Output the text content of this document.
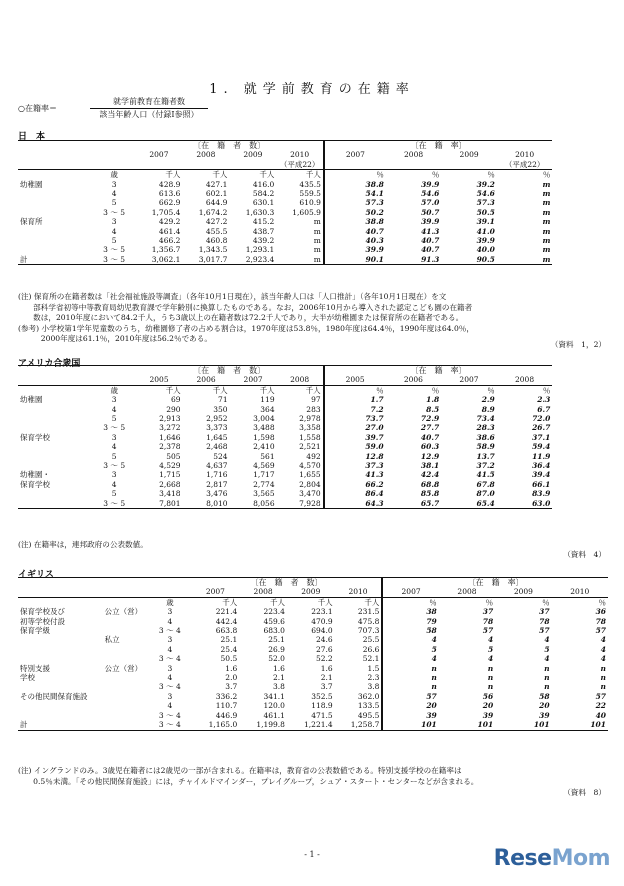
1. 就学前教育の在籍率
○在籍率＝
就学前教育在籍者数
該当年齢人口（付録Ⅰ参照）
日　本
		〔在　籍　者　数〕				〔在　籍　率〕			
		2007	2008	2009	2010	2007	2008	2009	2010
					（平成22）				（平成22）
	歳	千人	千人	千人	千人	％	％	％	％
幼稚園	3	428.9	427.1	416.0	435.5	38.8	39.9	39.2	m
	4	613.6	602.1	584.2	559.5	54.1	54.6	54.6	m
	5	662.9	644.9	630.1	610.9	57.3	57.0	57.3	m
	3 ～ 5	1,705.4	1,674.2	1,630.3	1,605.9	50.2	50.7	50.5	m
保育所	3	429.2	427.2	415.2	m	38.8	39.9	39.1	m
	4	461.4	455.5	438.7	m	40.7	41.3	41.0	m
	5	466.2	460.8	439.2	m	40.3	40.7	39.9	m
	3 ～ 5	1,356.7	1,343.5	1,293.1	m	39.9	40.7	40.0	m
計	3 ～ 5	3,062.1	3,017.7	2,923.4	m	90.1	91.3	90.5	m
(注) 保育所の在籍者数は「社会福祉施設等調査」（各年10月1日現在），該当年齢人口は「人口推計」（各年10月1日現在）を文
　　部科学省初等中等教育局幼児教育課で学年齢別に換算したものである。なお，2006年10月から導入された認定こども園の在籍者
　　数は，2010年度において84.2千人，うち3歳以上の在籍者数は72.2千人であり，大半が幼稚園または保育所の在籍者である。
(参考) 小学校第1学年児童数のうち，幼稚園修了者の占める割合は，1970年度は53.8％，1980年度は64.4％，1990年度は64.0％，
　　　2000年度は61.1％，2010年度は56.2％である。
（資料　1，2）
アメリカ合衆国
		〔在　籍　者　数〕				〔在　籍　率〕			
		2005	2006	2007	2008	2005	2006	2007	2008
	歳	千人	千人	千人	千人	％	％	％	％
幼稚園	3	69	71	119	97	1.7	1.8	2.9	2.3
	4	290	350	364	283	7.2	8.5	8.9	6.7
	5	2,913	2,952	3,004	2,978	73.7	72.9	73.4	72.0
	3 ～ 5	3,272	3,373	3,488	3,358	27.0	27.7	28.3	26.7
保育学校	3	1,646	1,645	1,598	1,558	39.7	40.7	38.6	37.1
	4	2,378	2,468	2,410	2,521	59.0	60.3	58.9	59.4
	5	505	524	561	492	12.8	12.9	13.7	11.9
	3 ～ 5	4,529	4,637	4,569	4,570	37.3	38.1	37.2	36.4
幼稚園・	3	1,715	1,716	1,717	1,655	41.3	42.4	41.5	39.4
保育学校	4	2,668	2,817	2,774	2,804	66.2	68.8	67.8	66.1
	5	3,418	3,476	3,565	3,470	86.4	85.8	87.0	83.9
	3 ～ 5	7,801	8,010	8,056	7,928	64.3	65.7	65.4	63.0
(注) 在籍率は，連邦政府の公表数値。
（資料　4）
イギリス
			〔在　籍　者　数〕				〔在　籍　率〕			
			2007	2008	2009	2010	2007	2008	2009	2010
		歳	千人	千人	千人	千人	％	％	％	％
保育学校及び	公立（営）	3	221.4	223.4	223.1	231.5	38	37	37	36
初等学校付設		4	442.4	459.6	470.9	475.8	79	78	78	78
保育学級		3 ～ 4	663.8	683.0	694.0	707.3	58	57	57	57
	私立	3	25.1	25.1	24.6	25.5	4	4	4	4
		4	25.4	26.9	27.6	26.6	5	5	5	4
		3 ～ 4	50.5	52.0	52.2	52.1	4	4	4	4
特別支援	公立（営）	3	1.6	1.6	1.6	1.5	n	n	n	n
学校		4	2.0	2.1	2.1	2.3	n	n	n	n
		3 ～ 4	3.7	3.8	3.7	3.8	n	n	n	n
その他民間保育施設		3	336.2	341.1	352.5	362.0	57	56	58	57
		4	110.7	120.0	118.9	133.5	20	20	20	22
		3 ～ 4	446.9	461.1	471.5	495.5	39	39	39	40
計		3 ～ 4	1,165.0	1,199.8	1,221.4	1,258.7	101	101	101	101
(注) イングランドのみ。3歳児在籍者には2歳児の一部が含まれる。在籍率は，教育省の公表数値である。特別支援学校の在籍率は
　　0.5％未満。「その他民間保育施設」には，チャイルドマインダー，プレイグループ，シュア・スタート・センターなどが含まれる。
（資料　8）
- 1 -	ReseMom
